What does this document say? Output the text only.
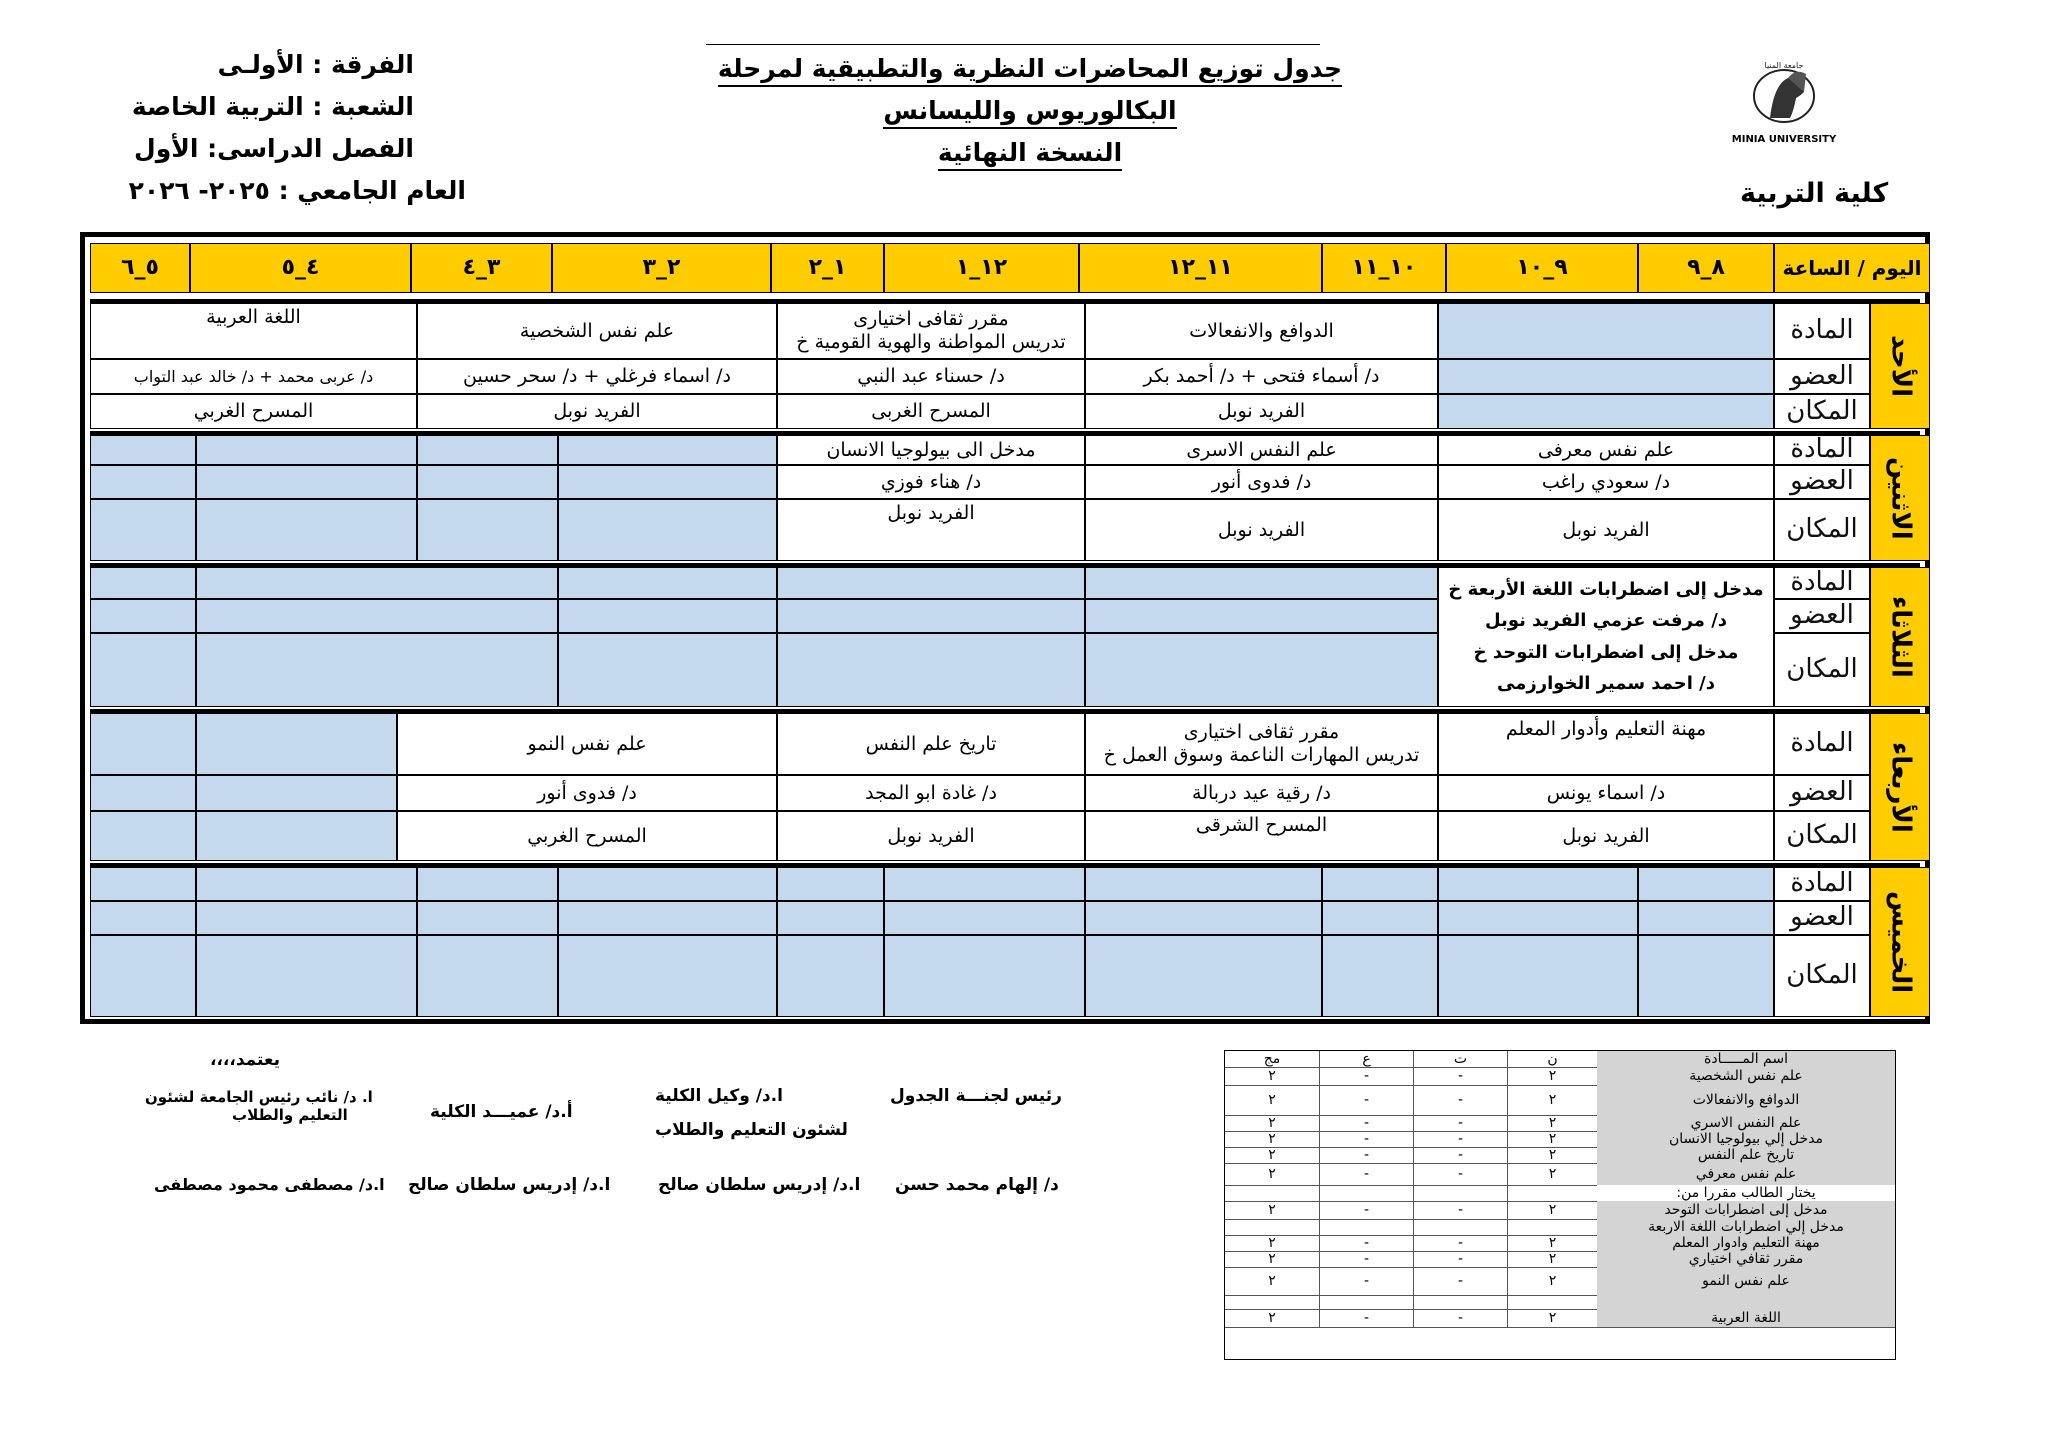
جدول توزيع المحاضرات النظرية والتطبيقية لمرحلة
البكالوريوس والليسانس
النسخة النهائية
الفرقة : الأولـى
الشعبة : التربية الخاصة
الفصل الدراسى: الأول
العام الجامعي : ٢٠٢٥- ٢٠٢٦
جامعة المنيا
MINIA UNIVERSITY
كلية التربية
اليوم / الساعة
٨_٩
٩_١٠
١٠_١١
١١_١٢
١٢_١
١_٢
٢_٣
٣_٤
٤_٥
٥_٦
الأحد
المادة
العضو
المكان
الدوافع والانفعالات
د/ أسماء فتحى + د/ أحمد بكر
الفريد نوبل
مقرر ثقافى اختيارى
تدريس المواطنة والهوية القومية خ
د/ حسناء عبد النبي
المسرح الغربى
علم نفس الشخصية
د/ اسماء فرغلي + د/ سحر حسين
الفريد نوبل
اللغة العربية
د/ عربى محمد + د/ خالد عبد التواب
المسرح الغربي
الاثنين
المادة
العضو
المكان
علم نفس معرفى
د/ سعودي راغب
الفريد نوبل
علم النفس الاسرى
د/ فدوى أنور
الفريد نوبل
مدخل الى بيولوجيا الانسان
د/ هناء فوزي
الفريد نوبل
الثلاثاء
المادة
العضو
المكان
مدخل إلى اضطرابات اللغة الأربعة خ
د/ مرفت عزمي الفريد نوبل
مدخل إلى اضطرابات التوحد خ
د/ احمد سمير الخوارزمى
الأربعاء
المادة
العضو
المكان
مهنة التعليم وأدوار المعلم
د/ اسماء يونس
الفريد نوبل
مقرر ثقافى اختيارى
تدريس المهارات الناعمة وسوق العمل خ
د/ رقية عيد دربالة
المسرح الشرقى
تاريخ علم النفس
د/ غادة ابو المجد
الفريد نوبل
علم نفس النمو
د/ فدوى أنور
المسرح الغربي
الخميس
المادة
العضو
المكان
يعتمد،،،،
رئيس لجنـــة الجدول
د/ إلهام محمد حسن
ا.د/ وكيل الكلية
لشئون التعليم والطلاب
ا.د/ إدريس سلطان صالح
أ.د/ عميـــد الكلية
ا.د/ إدريس سلطان صالح
ا. د/ نائب رئيس الجامعة لشئون
التعليم والطلاب
ا.د/ مصطفى محمود مصطفى
اسم المـــــادة
ن
ت
ع
مج
علم نفس الشخصية
٢
-
-
٢
الدوافع والانفعالات
٢
-
-
٢
علم النفس الاسري
٢
-
-
٢
مدخل إلي بيولوجيا الانسان
٢
-
-
٢
تاريخ علم النفس
٢
-
-
٢
علم نفس معرفي
٢
-
-
٢
يختار الطالب مقررا من:
مدخل إلى اضطرابات التوحد
٢
-
-
٢
مدخل إلي اضطرابات اللغة الاربعة
مهنة التعليم وادوار المعلم
٢
-
-
٢
مقرر ثقافي اختياري
٢
-
-
٢
علم نفس النمو
٢
-
-
٢
اللغة العربية
٢
-
-
٢
